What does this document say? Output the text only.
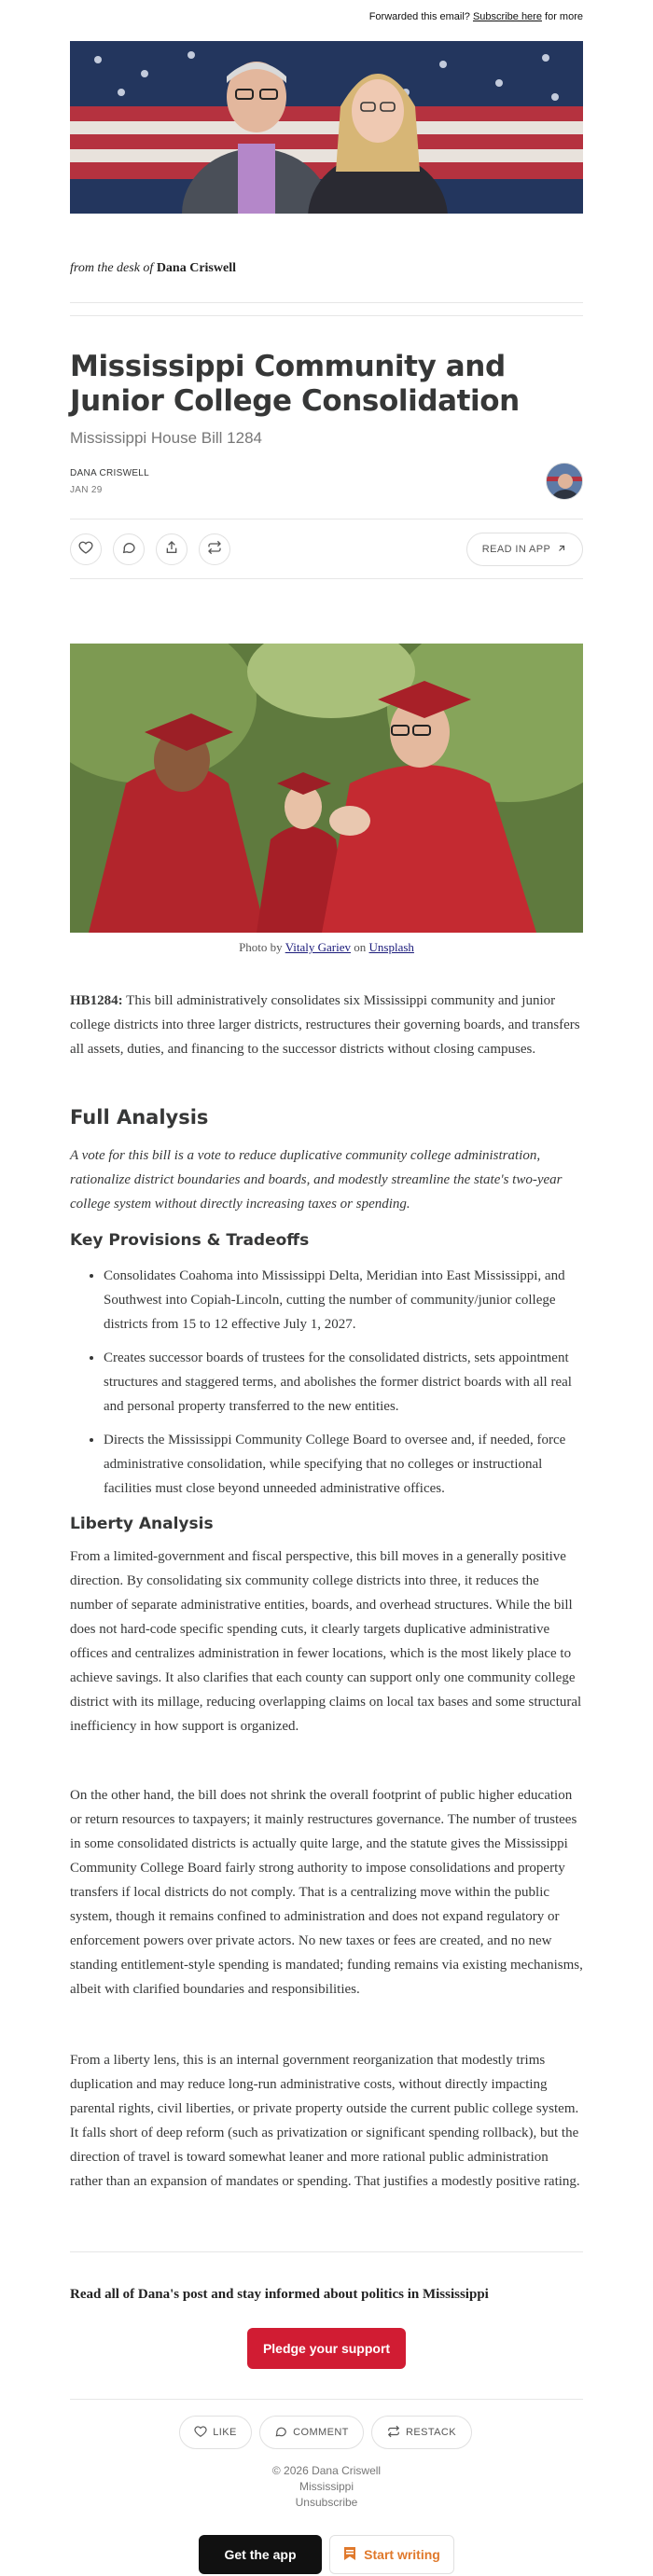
Forwarded this email? Subscribe here for more
from the desk of Dana Criswell
Mississippi Community and Junior College Consolidation
Mississippi House Bill 1284
DANA CRISWELL
JAN 29
READ IN APP
Photo by Vitaly Gariev on Unsplash
HB1284: This bill administratively consolidates six Mississippi community and junior college districts into three larger districts, restructures their governing boards, and transfers all assets, duties, and financing to the successor districts without closing campuses.
Full Analysis

A vote for this bill is a vote to reduce duplicative community college administration, rationalize district boundaries and boards, and modestly streamline the state's two-year college system without directly increasing taxes or spending.

Key Provisions & Tradeoffs
• Consolidates Coahoma into Mississippi Delta, Meridian into East Mississippi, and Southwest into Copiah-Lincoln, cutting the number of community/junior college districts from 15 to 12 effective July 1, 2027.
• Creates successor boards of trustees for the consolidated districts, sets appointment structures and staggered terms, and abolishes the former district boards with all real and personal property transferred to the new entities.
• Directs the Mississippi Community College Board to oversee and, if needed, force administrative consolidation, while specifying that no colleges or instructional facilities must close beyond unneeded administrative offices.
Liberty Analysis

From a limited-government and fiscal perspective, this bill moves in a generally positive direction. By consolidating six community college districts into three, it reduces the number of separate administrative entities, boards, and overhead structures. While the bill does not hard-code specific spending cuts, it clearly targets duplicative administrative offices and centralizes administration in fewer locations, which is the most likely place to achieve savings. It also clarifies that each county can support only one community college district with its millage, reducing overlapping claims on local tax bases and some structural inefficiency in how support is organized.

On the other hand, the bill does not shrink the overall footprint of public higher education or return resources to taxpayers; it mainly restructures governance. The number of trustees in some consolidated districts is actually quite large, and the statute gives the Mississippi Community College Board fairly strong authority to impose consolidations and property transfers if local districts do not comply. That is a centralizing move within the public system, though it remains confined to administration and does not expand regulatory or enforcement powers over private actors. No new taxes or fees are created, and no new standing entitlement-style spending is mandated; funding remains via existing mechanisms, albeit with clarified boundaries and responsibilities.

From a liberty lens, this is an internal government reorganization that modestly trims duplication and may reduce long-run administrative costs, without directly impacting parental rights, civil liberties, or private property outside the current public college system. It falls short of deep reform (such as privatization or significant spending rollback), but the direction of travel is toward somewhat leaner and more rational public administration rather than an expansion of mandates or spending. That justifies a modestly positive rating.

Read all of Dana's post and stay informed about politics in Mississippi
Pledge your support
LIKE	COMMENT	RESTACK
© 2026 Dana Criswell
Mississippi
Unsubscribe
Get the app	Start writing
